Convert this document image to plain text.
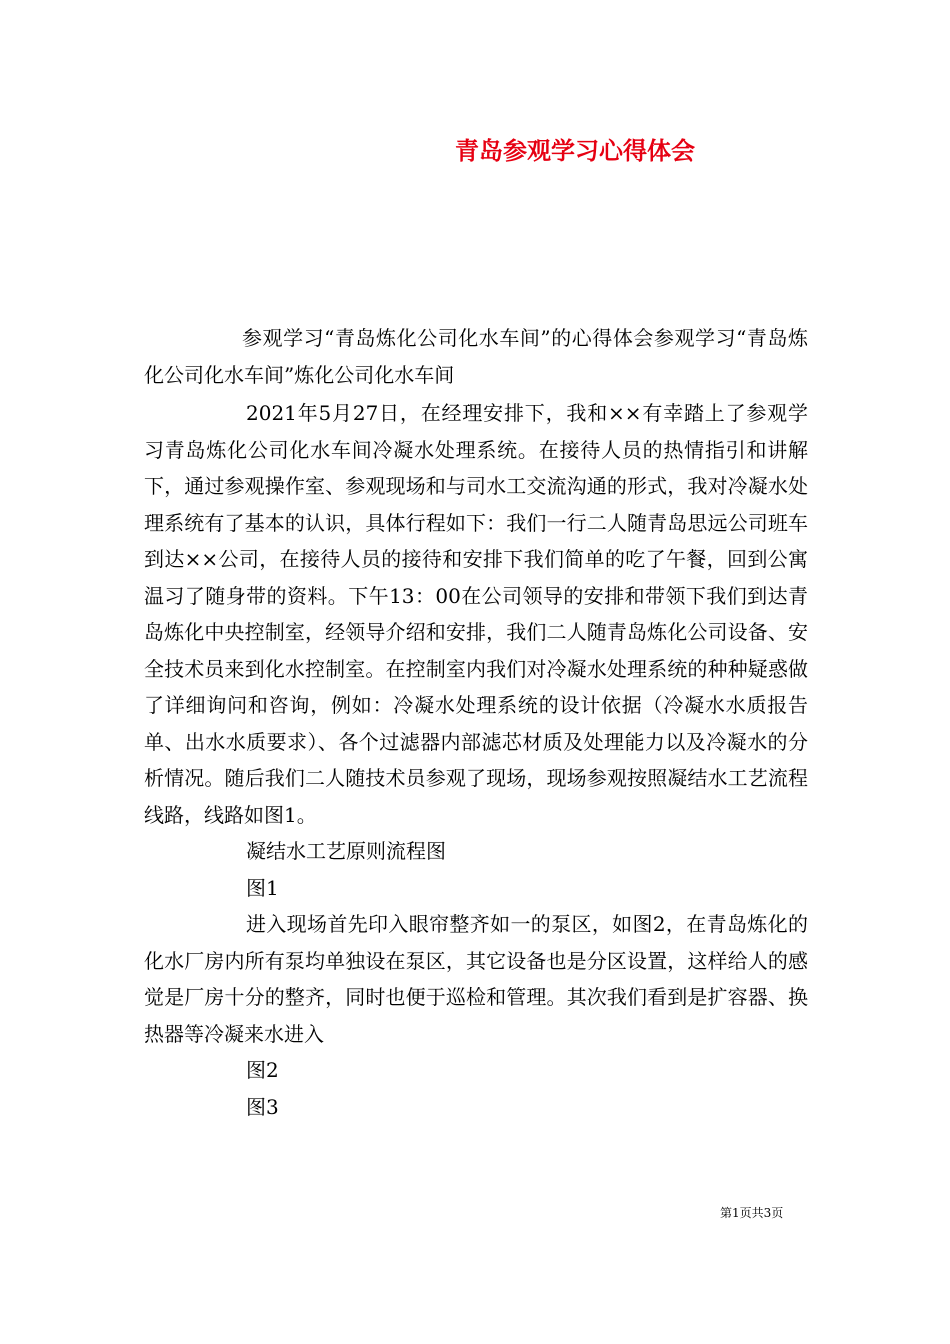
青岛参观学习心得体会

参观学习“青岛炼化公司化水车间”的心得体会参观学习“青岛炼化公司化水车间”炼化公司化水车间

2021年5月27日，在经理安排下，我和××有幸踏上了参观学习青岛炼化公司化水车间冷凝水处理系统。在接待人员的热情指引和讲解下，通过参观操作室、参观现场和与司水工交流沟通的形式，我对冷凝水处理系统有了基本的认识，具体行程如下：我们一行二人随青岛思远公司班车到达××公司，在接待人员的接待和安排下我们简单的吃了午餐，回到公寓温习了随身带的资料。下午13：00在公司领导的安排和带领下我们到达青岛炼化中央控制室，经领导介绍和安排，我们二人随青岛炼化公司设备、安全技术员来到化水控制室。在控制室内我们对冷凝水处理系统的种种疑惑做了详细询问和咨询，例如：冷凝水处理系统的设计依据（冷凝水水质报告单、出水水质要求）、各个过滤器内部滤芯材质及处理能力以及冷凝水的分析情况。随后我们二人随技术员参观了现场，现场参观按照凝结水工艺流程线路，线路如图1。

凝结水工艺原则流程图

图1

进入现场首先印入眼帘整齐如一的泵区，如图2，在青岛炼化的化水厂房内所有泵均单独设在泵区，其它设备也是分区设置，这样给人的感觉是厂房十分的整齐，同时也便于巡检和管理。其次我们看到是扩容器、换热器等冷凝来水进入

图2

图3

第1页共3页
